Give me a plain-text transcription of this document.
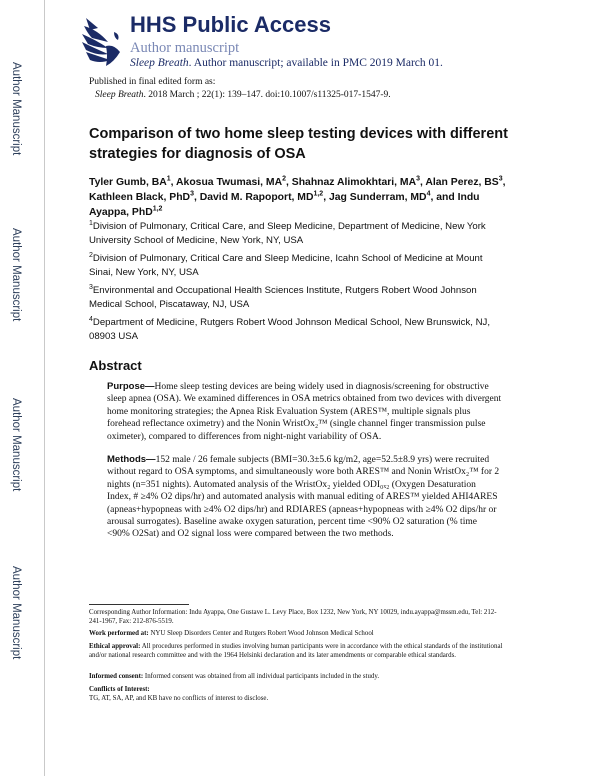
Author Manuscript
Author Manuscript
Author Manuscript
Author Manuscript
HHS Public Access
Author manuscript
Sleep Breath. Author manuscript; available in PMC 2019 March 01.
Published in final edited form as:
Sleep Breath. 2018 March ; 22(1): 139–147. doi:10.1007/s11325-017-1547-9.
Comparison of two home sleep testing devices with different strategies for diagnosis of OSA
Tyler Gumb, $BA^1$, Akosua Twumasi, $MA^2$, Shahnaz Alimokhtari, $MA^3$, Alan Perez, $BS^3$, Kathleen Black, PhD$^3$, David M. Rapoport, MD$^{1,2}$, Jag Sunderram, $MD^4$, and Indu Ayappa, PhD$^{1,2}$
$^1$Division of Pulmonary, Critical Care, and Sleep Medicine, Department of Medicine, New York University School of Medicine, New York, NY, USA
$^2$Division of Pulmonary, Critical Care and Sleep Medicine, Icahn School of Medicine at Mount Sinai, New York, NY, USA
$^3$Environmental and Occupational Health Sciences Institute, Rutgers Robert Wood Johnson Medical School, Piscataway, NJ, USA
$^4$Department of Medicine, Rutgers Robert Wood Johnson Medical School, New Brunswick, NJ, 08903 USA
Abstract
Purpose—Home sleep testing devices are being widely used in diagnosis/screening for obstructive sleep apnea (OSA). We examined differences in OSA metrics obtained from two devices with divergent home monitoring strategies; the Apnea Risk Evaluation System (ARES™, multiple signals plus forehead reflectance oximetry) and the Nonin WristOx₂™ (single channel finger transmission pulse oximeter), compared to differences from night-night variability of OSA.
Methods—152 male / 26 female subjects (BMI=30.3±5.6 kg/m2, age=52.5±8.9 yrs) were recruited without regard to OSA symptoms, and simultaneously wore both ARES™ and Nonin WristOx₂™ for 2 nights (n=351 nights). Automated analysis of the WristOx₂ yielded ODI₀ₓ₂ (Oxygen Desaturation Index, # ≥4% O2 dips/hr) and automated analysis with manual editing of ARES™ yielded AHI4ARES (apneas+hypopneas with ≥4% O2 dips/hr) and RDIARES (apneas+hypopneas with ≥4% O2 dips/hr or arousal surrogates). Baseline awake oxygen saturation, percent time <90% O2 saturation (% time <90% O2Sat) and O2 signal loss were compared between the two methods.
Corresponding Author Information: Indu Ayappa, One Gustave L. Levy Place, Box 1232, New York, NY 10029, indu.ayappa@mssm.edu, Tel: 212-241-1967, Fax: 212-876-5519.
Work performed at: NYU Sleep Disorders Center and Rutgers Robert Wood Johnson Medical School
Ethical approval: All procedures performed in studies involving human participants were in accordance with the ethical standards of the institutional and/or national research committee and with the 1964 Helsinki declaration and its later amendments or comparable ethical standards.
Informed consent: Informed consent was obtained from all individual participants included in the study.
Conflicts of Interest:
TG, AT, SA, AP, and KB have no conflicts of interest to disclose.
